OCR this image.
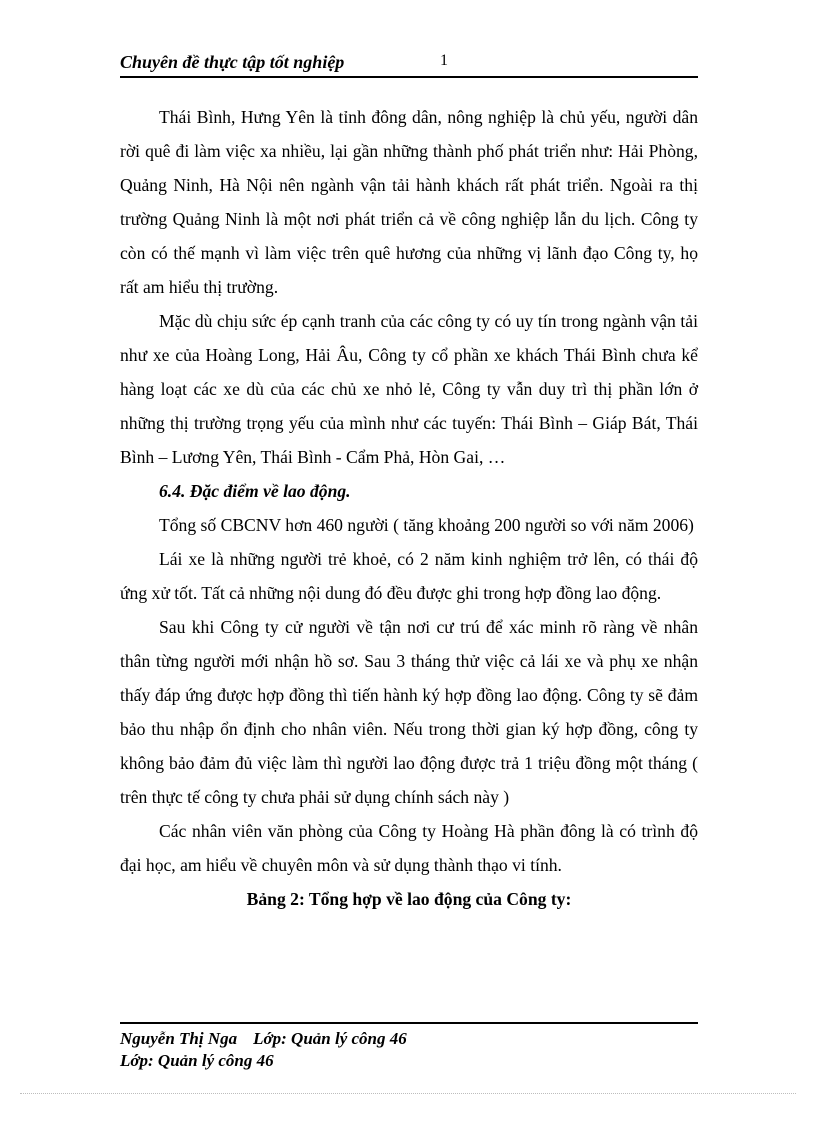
Chuyên đề thực tập tốt nghiệp	1

Thái Bình, Hưng Yên là tỉnh đông dân, nông nghiệp là chủ yếu, người dân rời quê đi làm việc xa nhiều, lại gần những thành phố phát triển như: Hải Phòng, Quảng Ninh, Hà Nội nên ngành vận tải hành khách rất phát triển. Ngoài ra thị trường Quảng Ninh là một nơi phát triển cả về công nghiệp lẫn du lịch. Công ty còn có thế mạnh vì làm việc trên quê hương của những vị lãnh đạo Công ty, họ rất am hiểu thị trường.

Mặc dù chịu sức ép cạnh tranh của các công ty có uy tín trong ngành vận tải như xe của Hoàng Long, Hải Âu, Công ty cổ phần xe khách Thái Bình chưa kể hàng loạt các xe dù của các chủ xe nhỏ lẻ, Công ty vẫn duy trì thị phần lớn ở những thị trường trọng yếu của mình như các tuyến: Thái Bình – Giáp Bát, Thái Bình – Lương Yên, Thái Bình - Cẩm Phả, Hòn Gai, …

6.4. Đặc điểm về lao động.

Tổng số CBCNV hơn 460 người ( tăng khoảng 200 người so với năm 2006)

Lái xe là những người trẻ khoẻ, có 2 năm kinh nghiệm trở lên, có thái độ ứng xử tốt. Tất cả những nội dung đó đều được ghi trong hợp đồng lao động.

Sau khi Công ty cử người về tận nơi cư trú để xác minh rõ ràng về nhân thân từng người mới nhận hồ sơ. Sau 3 tháng thử việc cả lái xe và phụ xe nhận thấy đáp ứng được hợp đồng thì tiến hành ký hợp đồng lao động. Công ty sẽ đảm bảo thu nhập ổn định cho nhân viên. Nếu trong thời gian ký hợp đồng, công ty không bảo đảm đủ việc làm thì người lao động được trả 1 triệu đồng một tháng ( trên thực tế công ty chưa phải sử dụng chính sách này )

Các nhân viên văn phòng của Công ty Hoàng Hà phần đông là có trình độ đại học, am hiểu về chuyên môn và sử dụng thành thạo vi tính.

Bảng 2: Tổng hợp về lao động của Công ty:
Nguyễn Thị Nga Lớp: Quản lý công 46
Lớp: Quản lý công 46
